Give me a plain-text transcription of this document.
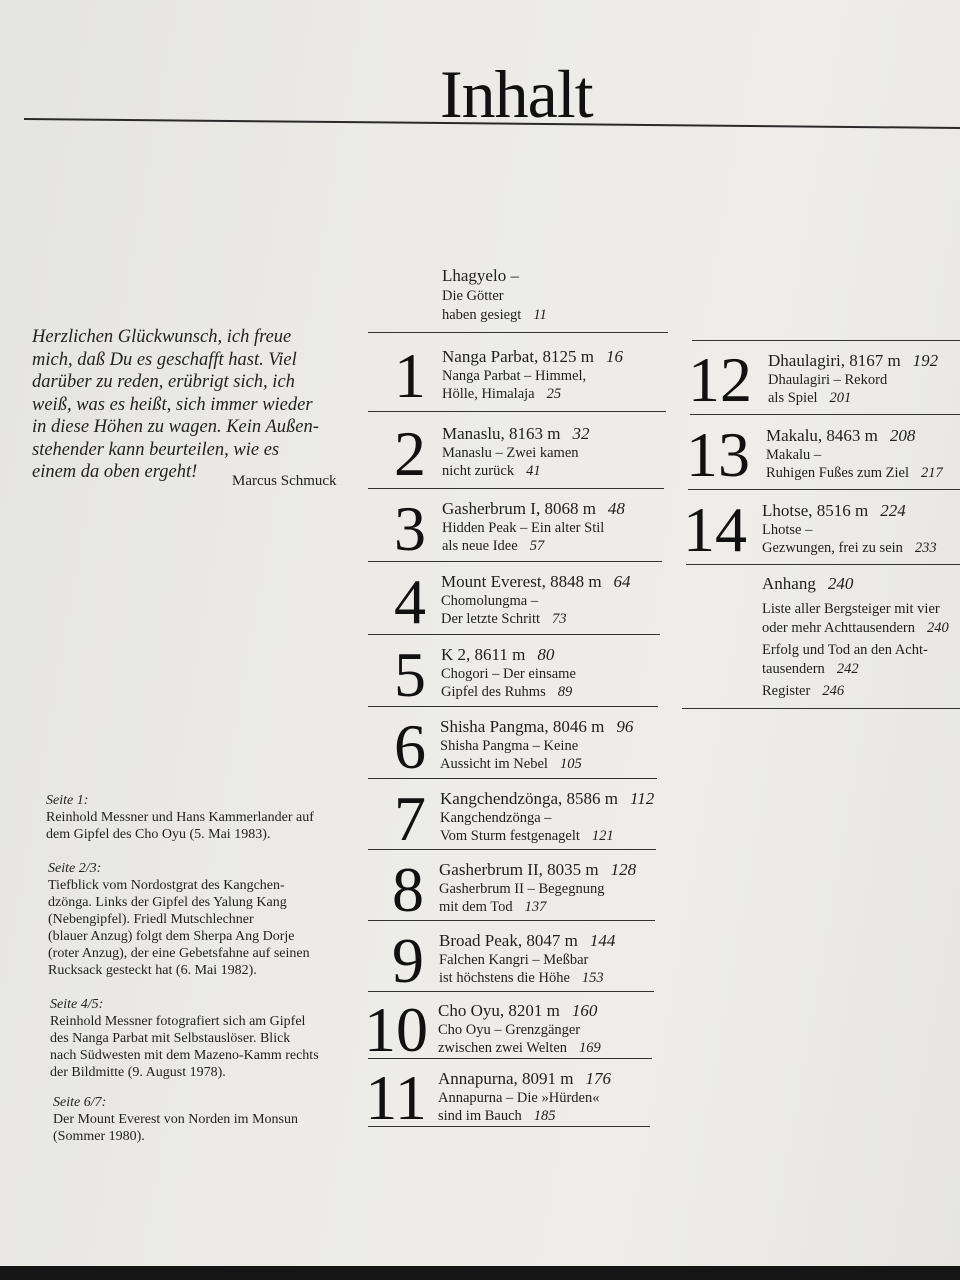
Inhalt
Herzlichen Glückwunsch, ich freue
mich, daß Du es geschafft hast. Viel
darüber zu reden, erübrigt sich, ich
weiß, was es heißt, sich immer wieder
in diese Höhen zu wagen. Kein Außen-
stehender kann beurteilen, wie es
einem da oben ergeht!	Marcus Schmuck
Lhagyelo –
Die Götter
haben gesiegt 11
1 Nanga Parbat, 8125 m 16
Nanga Parbat – Himmel,
Hölle, Himalaja 25
2 Manaslu, 8163 m 32
Manaslu – Zwei kamen
nicht zurück 41
3 Gasherbrum I, 8068 m 48
Hidden Peak – Ein alter Stil
als neue Idee 57
4 Mount Everest, 8848 m 64
Chomolungma –
Der letzte Schritt 73
5 K 2, 8611 m 80
Chogori – Der einsame
Gipfel des Ruhms 89
6 Shisha Pangma, 8046 m 96
Shisha Pangma – Keine
Aussicht im Nebel 105
7 Kangchendzönga, 8586 m 112
Kangchendzönga –
Vom Sturm festgenagelt 121
8 Gasherbrum II, 8035 m 128
Gasherbrum II – Begegnung
mit dem Tod 137
9 Broad Peak, 8047 m 144
Falchen Kangri – Meßbar
ist höchstens die Höhe 153
10 Cho Oyu, 8201 m 160
Cho Oyu – Grenzgänger
zwischen zwei Welten 169
11 Annapurna, 8091 m 176
Annapurna – Die »Hürden«
sind im Bauch 185
12 Dhaulagiri, 8167 m 192
Dhaulagiri – Rekord
als Spiel 201
13 Makalu, 8463 m 208
Makalu –
Ruhigen Fußes zum Ziel 217
14 Lhotse, 8516 m 224
Lhotse –
Gezwungen, frei zu sein 233
Anhang 240
Liste aller Bergsteiger mit vier
oder mehr Achttausendern 240
Erfolg und Tod an den Acht-
tausendern 242
Register 246
Seite 1:
Reinhold Messner und Hans Kammerlander auf
dem Gipfel des Cho Oyu (5. Mai 1983).
Seite 2/3:
Tiefblick vom Nordostgrat des Kangchen-
dzönga. Links der Gipfel des Yalung Kang
(Nebengipfel). Friedl Mutschlechner
(blauer Anzug) folgt dem Sherpa Ang Dorje
(roter Anzug), der eine Gebetsfahne auf seinen
Rucksack gesteckt hat (6. Mai 1982).
Seite 4/5:
Reinhold Messner fotografiert sich am Gipfel
des Nanga Parbat mit Selbstauslöser. Blick
nach Südwesten mit dem Mazeno-Kamm rechts
der Bildmitte (9. August 1978).
Seite 6/7:
Der Mount Everest von Norden im Monsun
(Sommer 1980).
